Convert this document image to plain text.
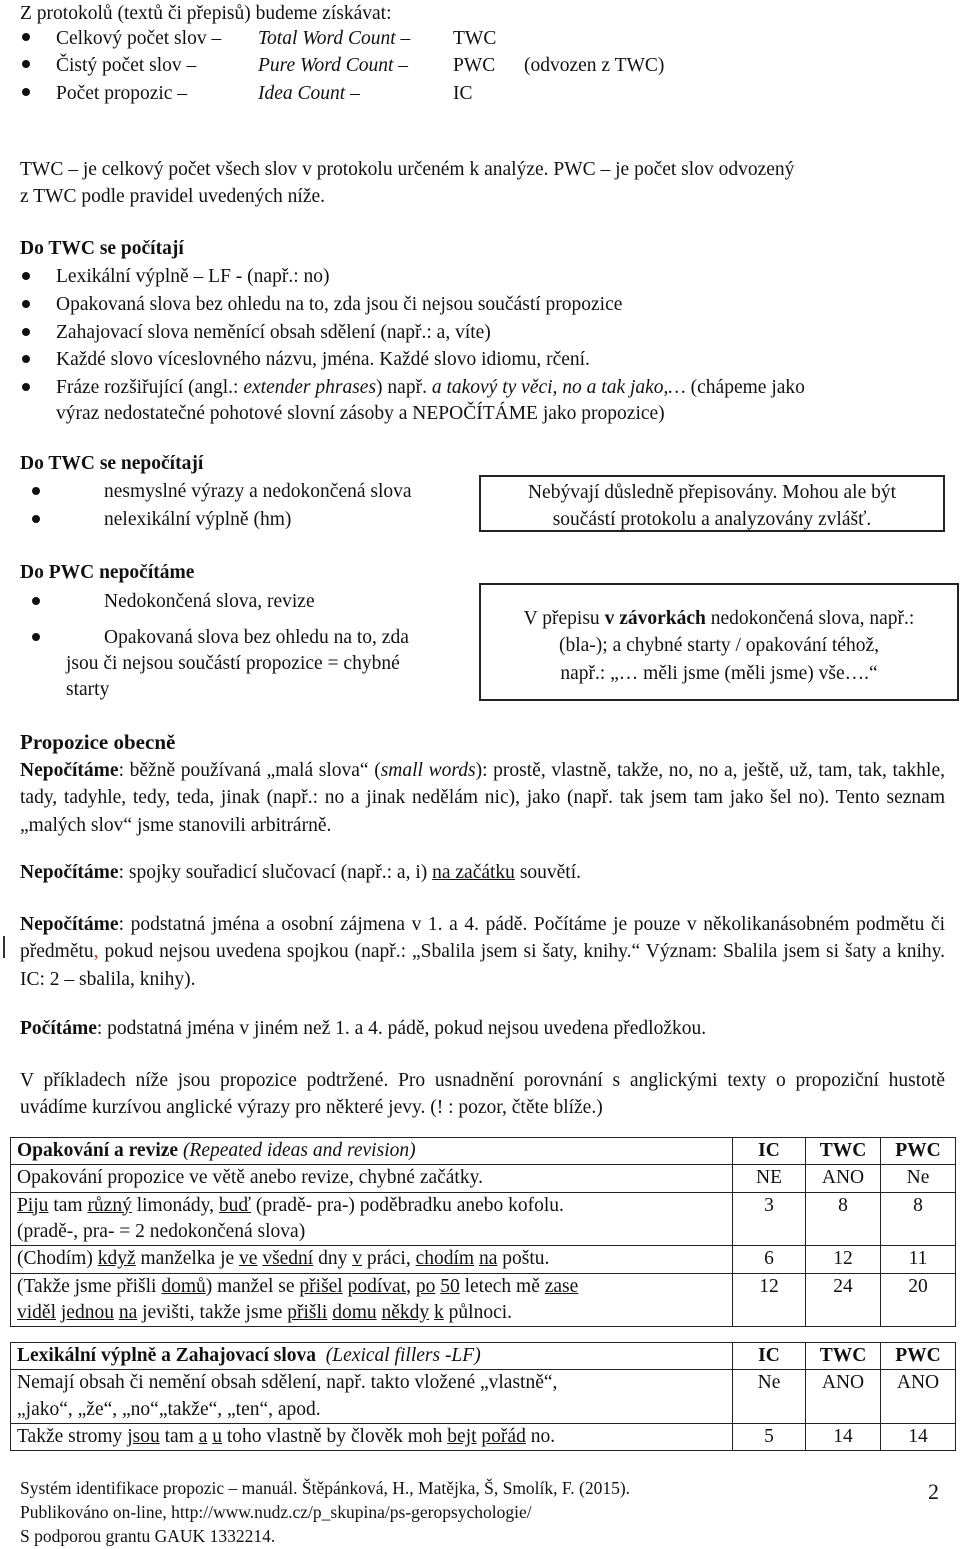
Z protokolů (textů či přepisů) budeme získávat:

Celkový počet slov – Total Word Count – TWC
Čistý počet slov –	Pure Word Count – PWC (odvozen z TWC)
Počet propozic –	Idea Count –	IC

TWC – je celkový počet všech slov v protokolu určeném k analýze. PWC – je počet slov odvozený

z TWC podle pravidel uvedených níže.

Do TWC se počítají

Lexikální výplně – LF - (např.: no)
Opakovaná slova bez ohledu na to, zda jsou či nejsou součástí propozice
Zahajovací slova neměnící obsah sdělení (např.: a, víte)
Každé slovo víceslovného názvu, jména. Každé slovo idiomu, rčení.
Fráze rozšiřující (angl.: extender phrases) např. a takový ty věci, no a tak jako,… (chápeme jako
výraz nedostatečné pohotové slovní zásoby a NEPOČÍTÁME jako propozice)

Do TWC se nepočítají

nesmyslné výrazy a nedokončená slova
nelexikální výplně (hm)
Nebývají důsledně přepisovány. Mohou ale být
součástí protokolu a analyzovány zvlášť.

Do PWC nepočítáme

Nedokončená slova, revize
Opakovaná slova bez ohledu na to, zda
jsou či nejsou součástí propozice = chybné
starty
V přepisu v závorkách nedokončená slova, např.:
(bla-); a chybné starty / opakování téhož,
např.: „… měli jsme (měli jsme) vše….“

Propozice obecně

Nepočítáme: běžně používaná „malá slova“ (small words): prostě, vlastně, takže, no, no a, ještě, už, tam, tak, takhle, tady, tadyhle, tedy, teda, jinak (např.: no a jinak nedělám nic), jako (např. tak jsem tam jako šel no). Tento seznam „malých slov“ jsme stanovili arbitrárně.

Nepočítáme: spojky souřadicí slučovací (např.: a, i) na začátku souvětí.

Nepočítáme: podstatná jména a osobní zájmena v 1. a 4. pádě. Počítáme je pouze v několikanásobném podmětu či předmětu, pokud nejsou uvedena spojkou (např.: „Sbalila jsem si šaty, knihy.“ Význam: Sbalila jsem si šaty a knihy. IC: 2 – sbalila, knihy).

Počítáme: podstatná jména v jiném než 1. a 4. pádě, pokud nejsou uvedena předložkou.

V příkladech níže jsou propozice podtržené. Pro usnadnění porovnání s anglickými texty o propoziční hustotě uvádíme kurzívou anglické výrazy pro některé jevy. (! : pozor, čtěte blíže.)

Opakování a revize (Repeated ideas and revision)	IC	TWC	PWC
Opakování propozice ve větě anebo revize, chybné začátky.	NE	ANO	Ne

Piju tam různý limonády, buď (pradě- pra-) poděbradku anebo kofolu.
(pradě-, pra- = 2 nedokončená slova)	3	8	8
(Chodím) když manželka je ve všední dny v práci, chodím na poštu.	6	12	11

(Takže jsme přišli domů) manžel se přišel podívat, po 50 letech mě zase
viděl jednou na jevišti, takže jsme přišli domu někdy k půlnoci.	12	24	20
Lexikální výplně a Zahajovací slova (Lexical fillers -LF)	IC	TWC	PWC

Nemají obsah či nemění obsah sdělení, např. takto vložené „vlastně“,
„jako“, „že“, „no“„takže“, „ten“, apod.	Ne	ANO	ANO
Takže stromy jsou tam a u toho vlastně by člověk moh bejt pořád no.	5	14	14

Systém identifikace propozic – manuál. Štěpánková, H., Matějka, Š, Smolík, F. (2015).

Publikováno on-line, http://www.nudz.cz/p_skupina/ps-geropsychologie/

S podporou grantu GAUK 1332214.

2
